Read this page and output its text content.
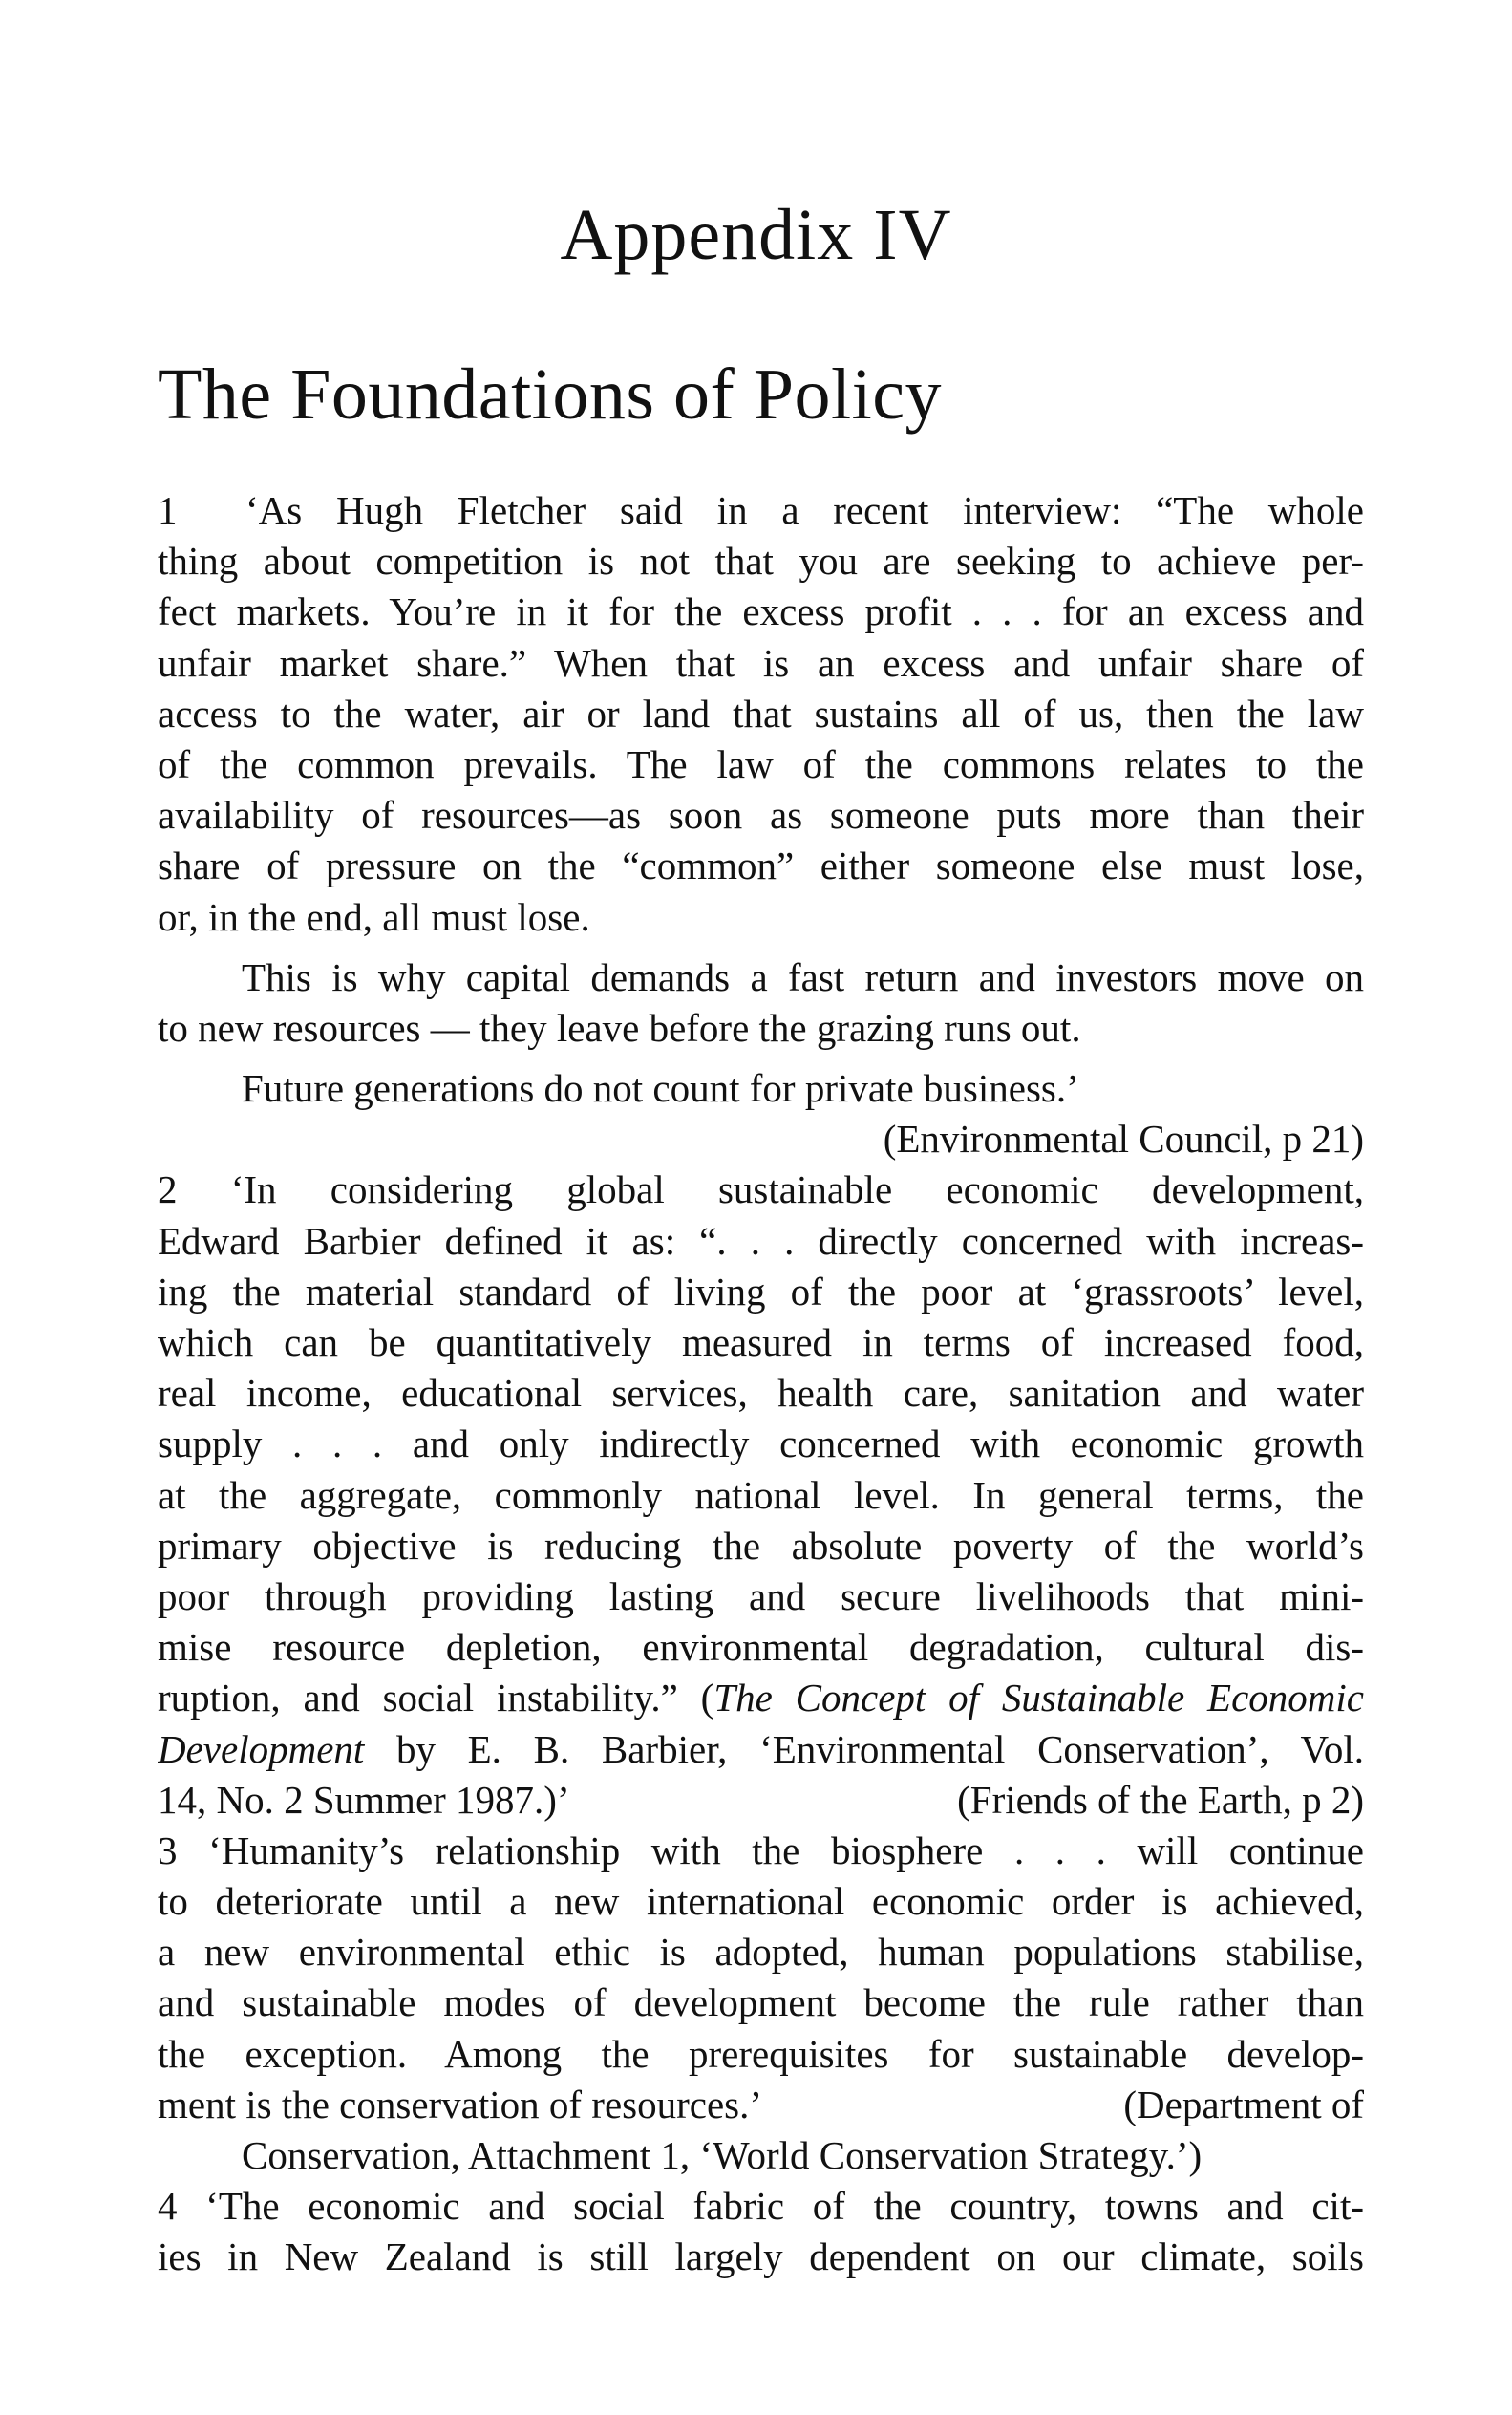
Appendix IV
The Foundations of Policy
1  ‘As Hugh Fletcher said in a recent interview: “The whole
thing about competition is not that you are seeking to achieve per-
fect markets. You’re in it for the excess profit . . . for an excess and
unfair market share.” When that is an excess and unfair share of
access to the water, air or land that sustains all of us, then the law
of the common prevails. The law of the commons relates to the
availability of resources—as soon as someone puts more than their
share of pressure on the “common” either someone else must lose,
or, in the end, all must lose.
This is why capital demands a fast return and investors move on
to new resources — they leave before the grazing runs out.
Future generations do not count for private business.’
(Environmental Council, p 21)
2 ‘In considering global sustainable economic development,
Edward Barbier defined it as: “. . . directly concerned with increas-
ing the material standard of living of the poor at ‘grassroots’ level,
which can be quantitatively measured in terms of increased food,
real income, educational services, health care, sanitation and water
supply . . . and only indirectly concerned with economic growth
at the aggregate, commonly national level. In general terms, the
primary objective is reducing the absolute poverty of the world’s
poor through providing lasting and secure livelihoods that mini-
mise resource depletion, environmental degradation, cultural dis-
ruption, and social instability.” (The Concept of Sustainable Economic
Development by E. B. Barbier, ‘Environmental Conservation’, Vol.
14, No. 2 Summer 1987.)’	(Friends of the Earth, p 2)
3 ‘Humanity’s relationship with the biosphere . . . will continue
to deteriorate until a new international economic order is achieved,
a new environmental ethic is adopted, human populations stabilise,
and sustainable modes of development become the rule rather than
the exception. Among the prerequisites for sustainable develop-
ment is the conservation of resources.’	(Department of
Conservation, Attachment 1, ‘World Conservation Strategy.’)
4 ‘The economic and social fabric of the country, towns and cit-
ies in New Zealand is still largely dependent on our climate, soils
